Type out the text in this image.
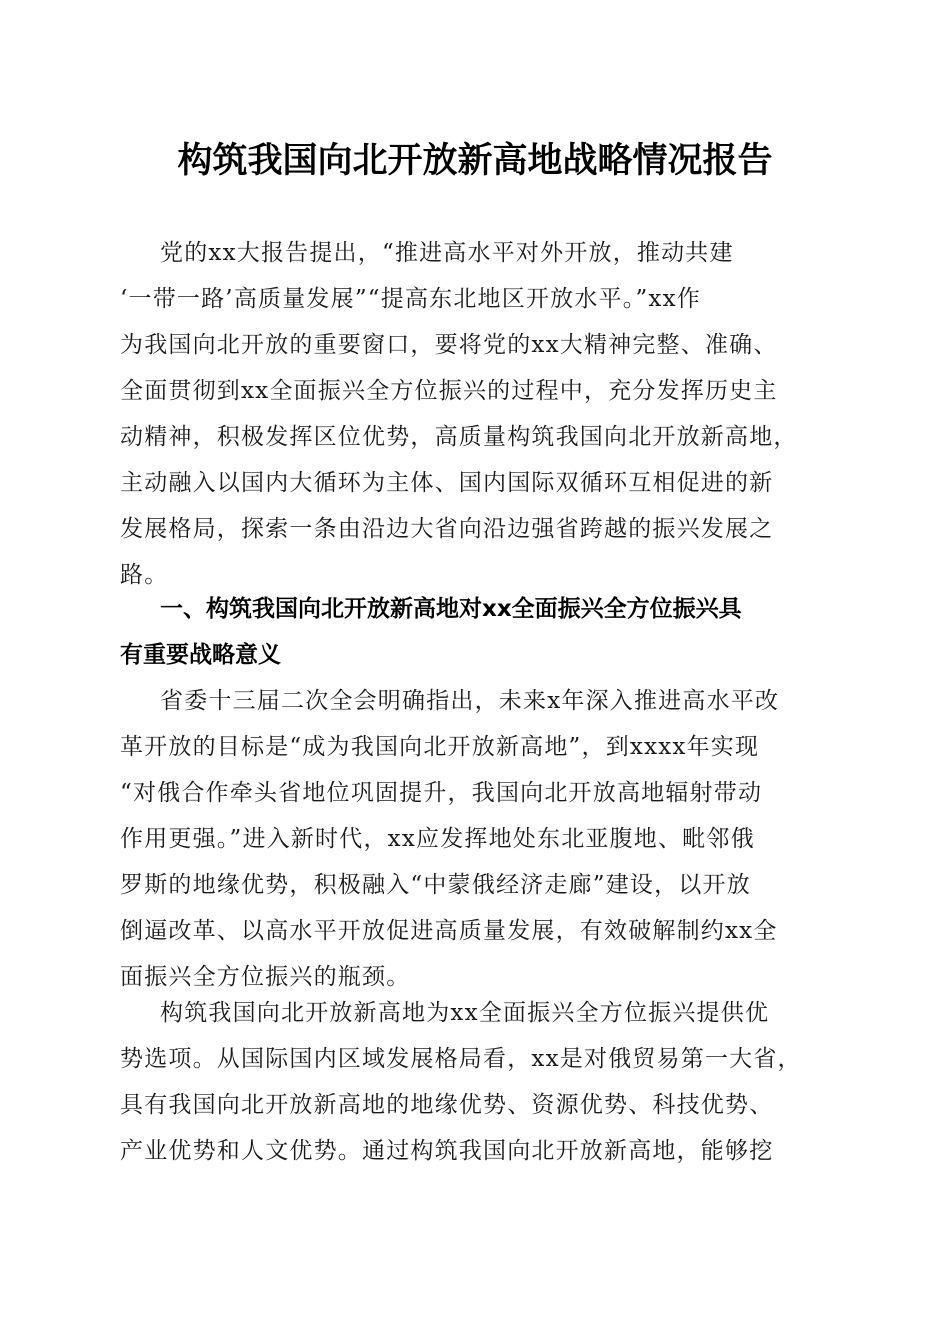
构筑我国向北开放新高地战略情况报告
党的xx大报告提出，“推进高水平对外开放，推动共建
‘一带一路’高质量发展”“提高东北地区开放水平。”xx作
为我国向北开放的重要窗口，要将党的xx大精神完整、准确、
全面贯彻到xx全面振兴全方位振兴的过程中，充分发挥历史主
动精神，积极发挥区位优势，高质量构筑我国向北开放新高地，
主动融入以国内大循环为主体、国内国际双循环互相促进的新
发展格局，探索一条由沿边大省向沿边强省跨越的振兴发展之
路。
一、构筑我国向北开放新高地对xx全面振兴全方位振兴具
有重要战略意义
省委十三届二次全会明确指出，未来x年深入推进高水平改
革开放的目标是“成为我国向北开放新高地”，到xxxx年实现
“对俄合作牵头省地位巩固提升，我国向北开放高地辐射带动
作用更强。”进入新时代，xx应发挥地处东北亚腹地、毗邻俄
罗斯的地缘优势，积极融入“中蒙俄经济走廊”建设，以开放
倒逼改革、以高水平开放促进高质量发展，有效破解制约xx全
面振兴全方位振兴的瓶颈。
构筑我国向北开放新高地为xx全面振兴全方位振兴提供优
势选项。从国际国内区域发展格局看，xx是对俄贸易第一大省，
具有我国向北开放新高地的地缘优势、资源优势、科技优势、
产业优势和人文优势。通过构筑我国向北开放新高地，能够挖
